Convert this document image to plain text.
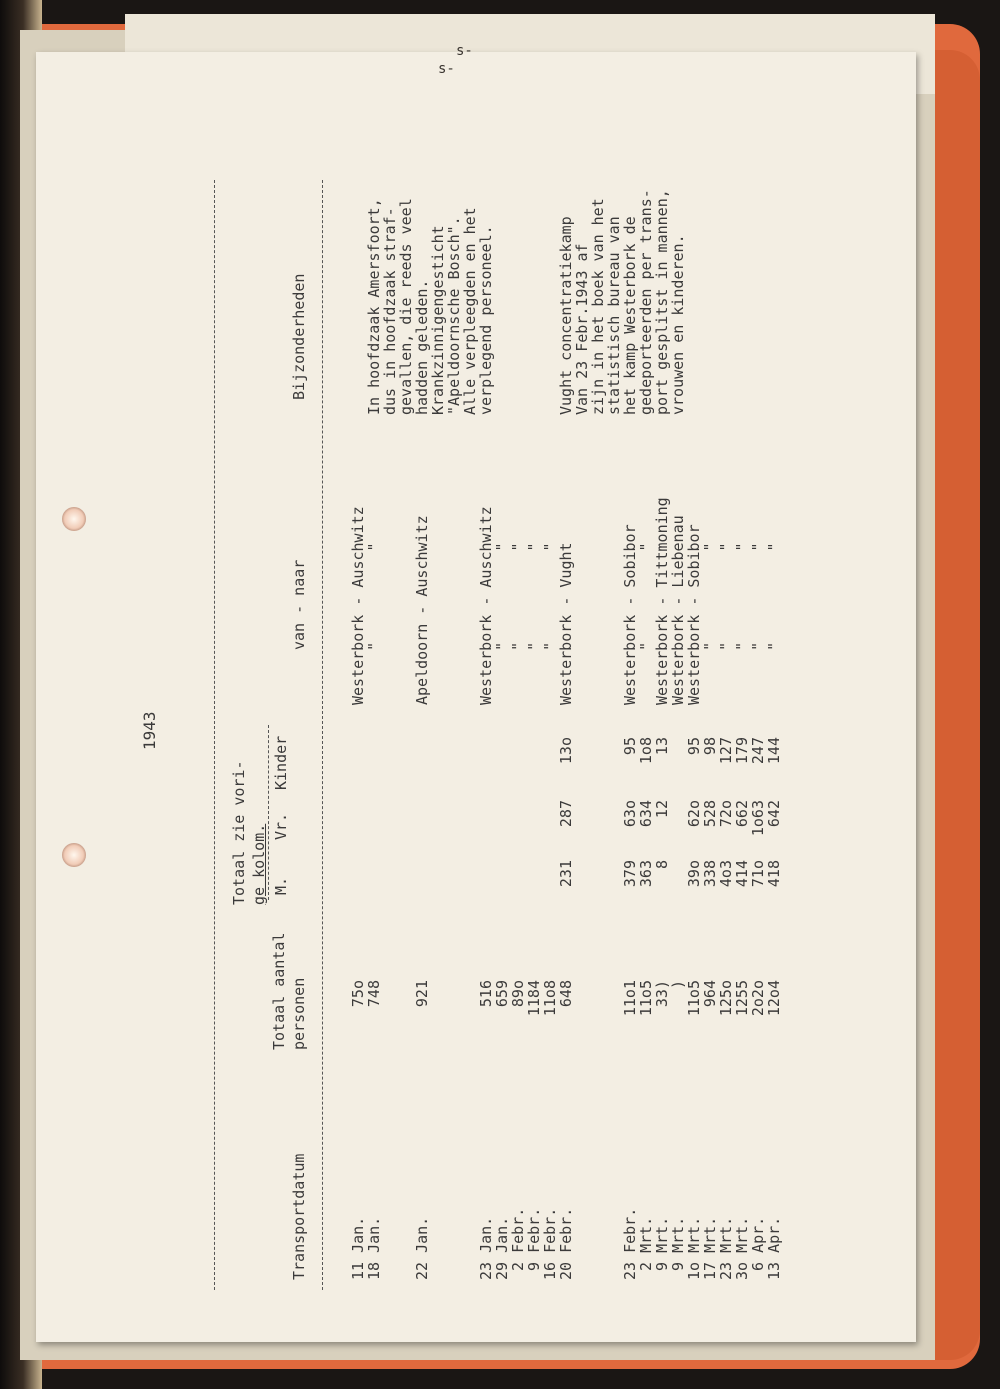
1943
Transportdatum
Totaal aantal personen
Totaal zie vori- ge kolom. M.
Vr.
Kinder
van - naar
Bijzonderheden
11 Jan.
75o
Westerbork - Auschwitz
18 Jan.
748
"          "
22 Jan.
921
Apeldoorn - Auschwitz
23 Jan.
516
Westerbork - Auschwitz
29 Jan.
659
"          "
2 Febr.
89o
"          "
9 Febr.
1184
"          "
16 Febr.
11o8
"          "
20 Febr.
648
231
287
13o
Westerbork - Vught
23 Febr.
11o1
379
63o
95
Westerbork - Sobibor
2 Mrt.
11o5
363
634
1o8
"          "
9 Mrt.
33)
8
12
13
Westerbork - Tittmoning
9 Mrt.
)
Westerbork - Liebenau
1o Mrt.
11o5
39o
62o
95
Westerbork - Sobibor
17 Mrt.
964
338
528
98
"          "
23 Mrt.
125o
4o3
72o
127
"          "
3o Mrt.
1255
414
662
179
"          "
6 Apr.
2o2o
71o
1o63
247
"          "
13 Apr.
12o4
418
642
144
"          "
In hoofdzaak Amersfoort,
dus in hoofdzaak straf-
gevallen, die reeds veel
hadden geleden.
Krankzinnigengesticht
"Apeldoornsche Bosch".
Alle verpleegden en het
verplegend personeel.	Vught concentratiekamp
Van 23 Febr.1943 af
zijn in het boek van het
statistisch bureau van
het kamp Westerbork de
gedeporteerden per trans-
port gesplitst in mannen,
vrouwen en kinderen.
s-
s-
